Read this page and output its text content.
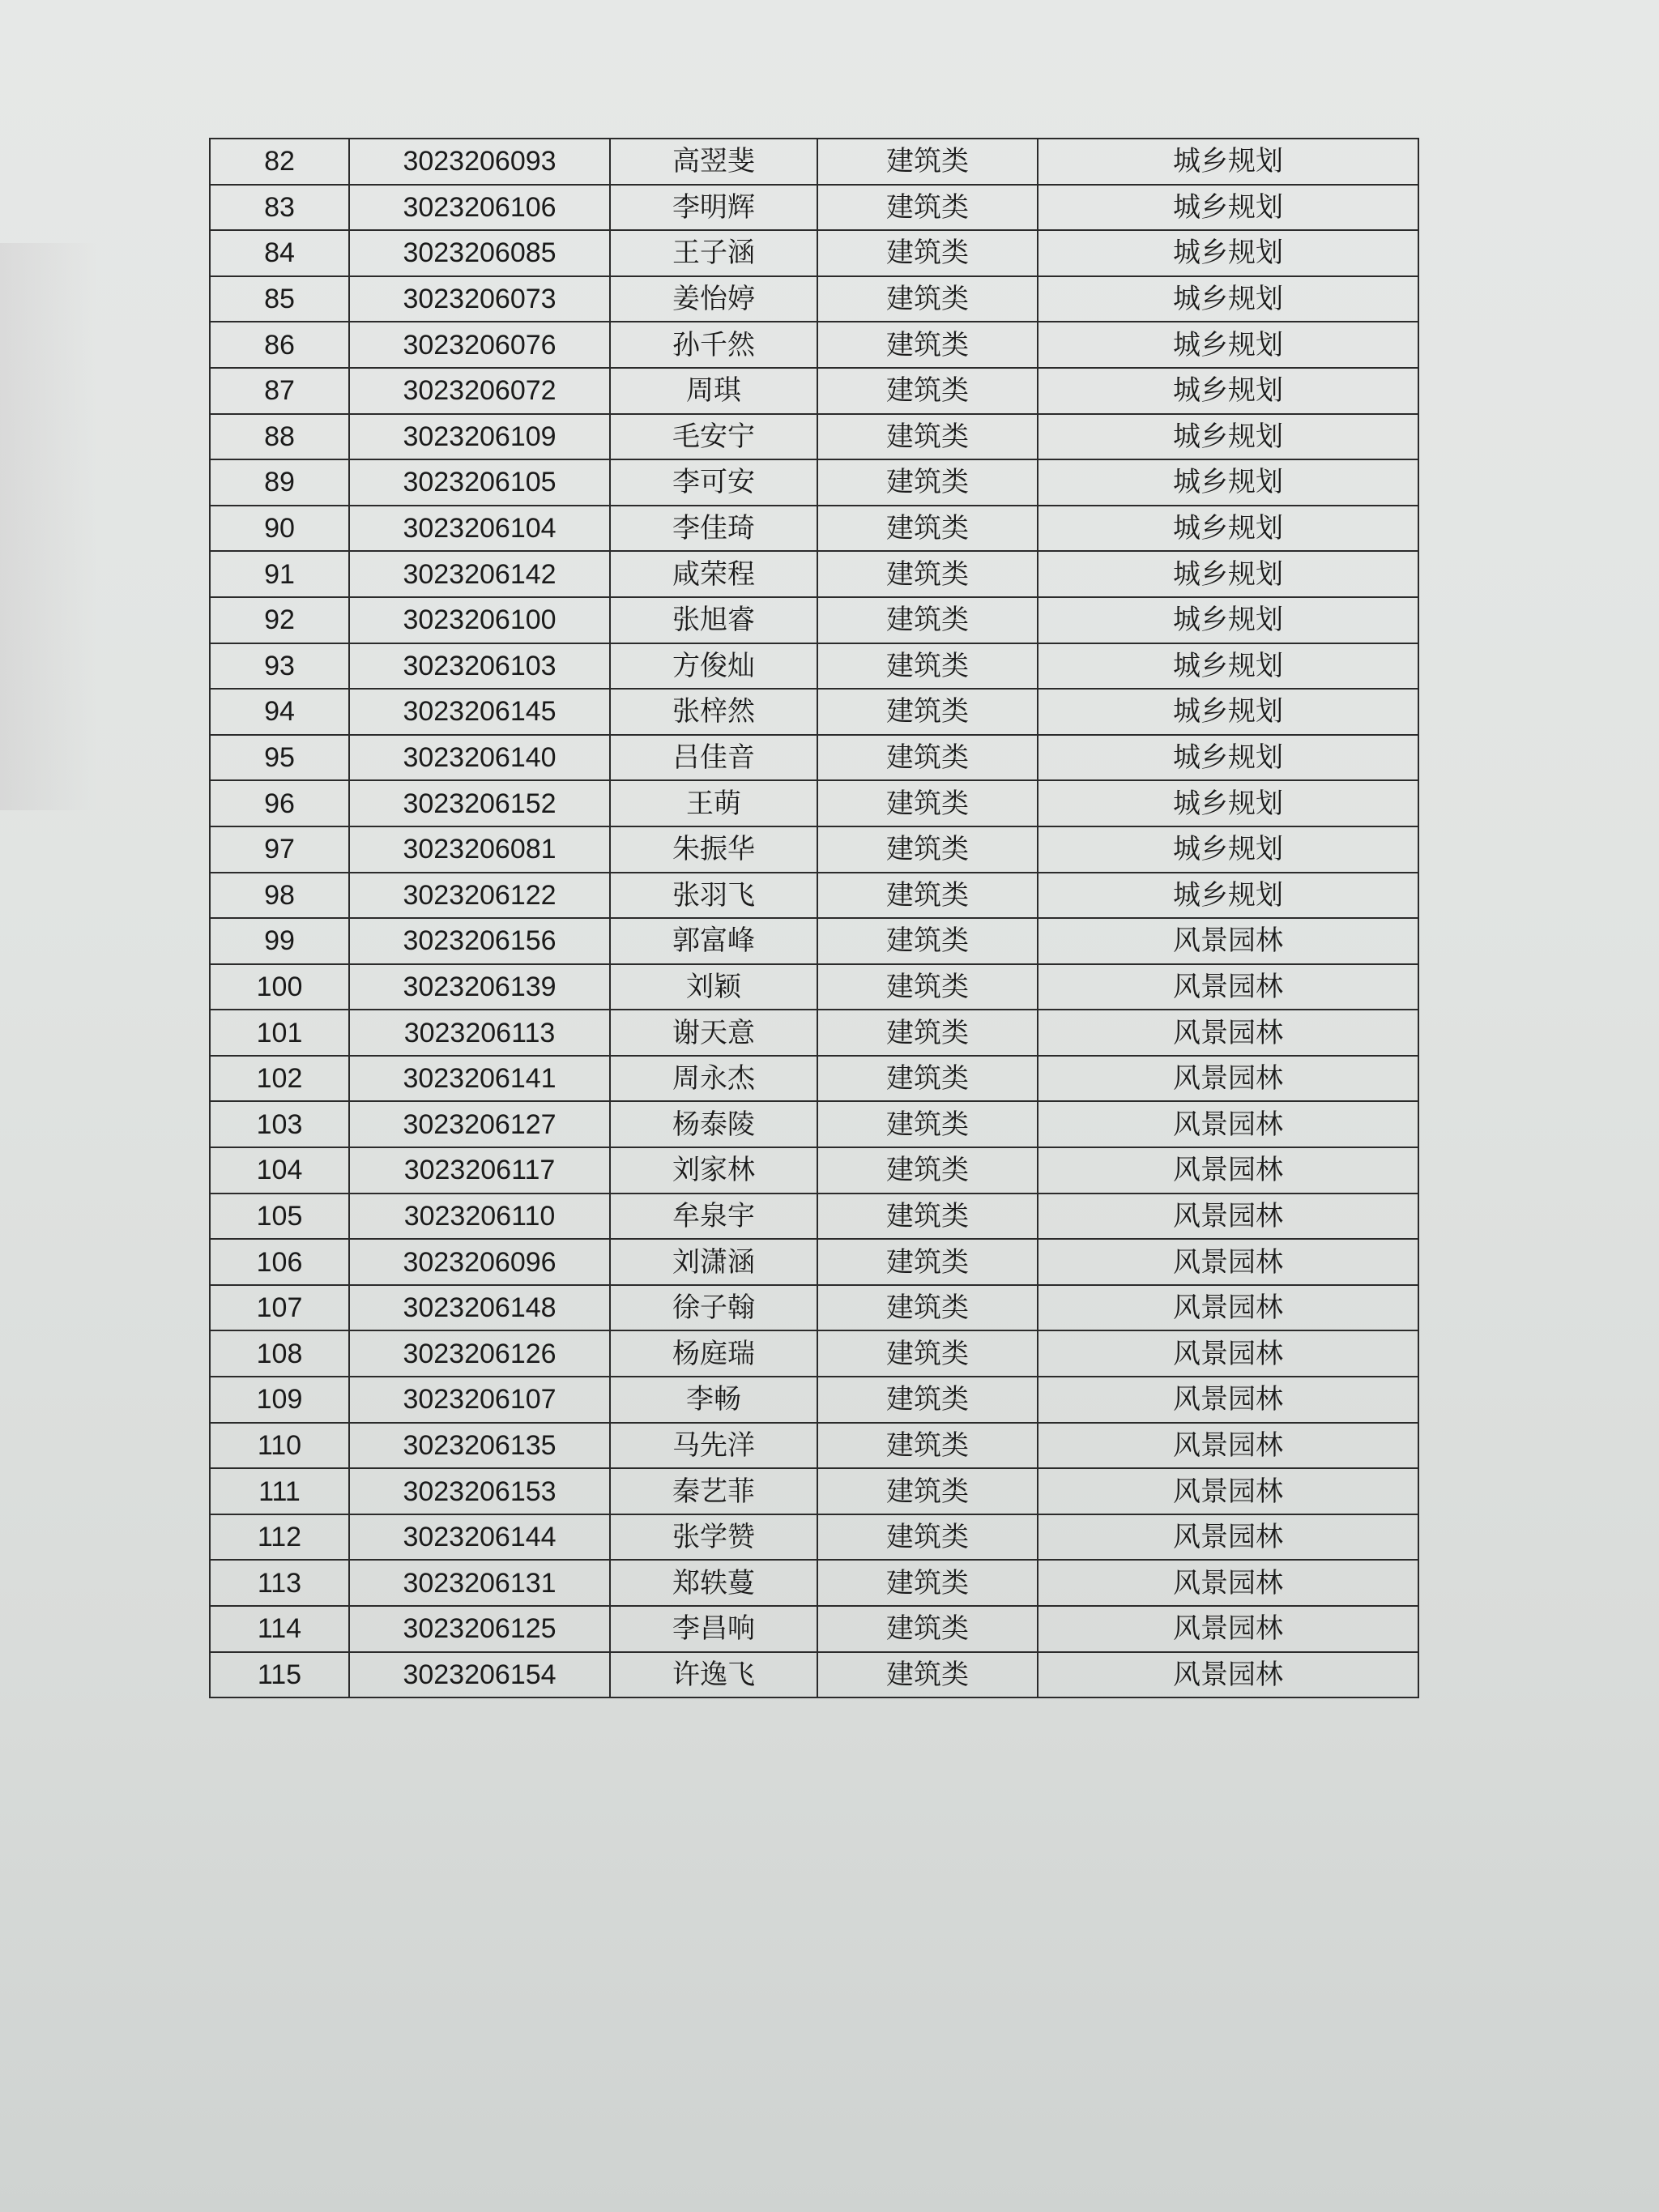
82	3023206093	高翌斐	建筑类	城乡规划
83	3023206106	李明辉	建筑类	城乡规划
84	3023206085	王子涵	建筑类	城乡规划
85	3023206073	姜怡婷	建筑类	城乡规划
86	3023206076	孙千然	建筑类	城乡规划
87	3023206072	周琪	建筑类	城乡规划
88	3023206109	毛安宁	建筑类	城乡规划
89	3023206105	李可安	建筑类	城乡规划
90	3023206104	李佳琦	建筑类	城乡规划
91	3023206142	咸荣程	建筑类	城乡规划
92	3023206100	张旭睿	建筑类	城乡规划
93	3023206103	方俊灿	建筑类	城乡规划
94	3023206145	张梓然	建筑类	城乡规划
95	3023206140	吕佳音	建筑类	城乡规划
96	3023206152	王萌	建筑类	城乡规划
97	3023206081	朱振华	建筑类	城乡规划
98	3023206122	张羽飞	建筑类	城乡规划
99	3023206156	郭富峰	建筑类	风景园林
100	3023206139	刘颖	建筑类	风景园林
101	3023206113	谢天意	建筑类	风景园林
102	3023206141	周永杰	建筑类	风景园林
103	3023206127	杨泰陵	建筑类	风景园林
104	3023206117	刘家林	建筑类	风景园林
105	3023206110	牟泉宇	建筑类	风景园林
106	3023206096	刘潇涵	建筑类	风景园林
107	3023206148	徐子翰	建筑类	风景园林
108	3023206126	杨庭瑞	建筑类	风景园林
109	3023206107	李畅	建筑类	风景园林
110	3023206135	马先洋	建筑类	风景园林
111	3023206153	秦艺菲	建筑类	风景园林
112	3023206144	张学赞	建筑类	风景园林
113	3023206131	郑轶蔓	建筑类	风景园林
114	3023206125	李昌响	建筑类	风景园林
115	3023206154	许逸飞	建筑类	风景园林
